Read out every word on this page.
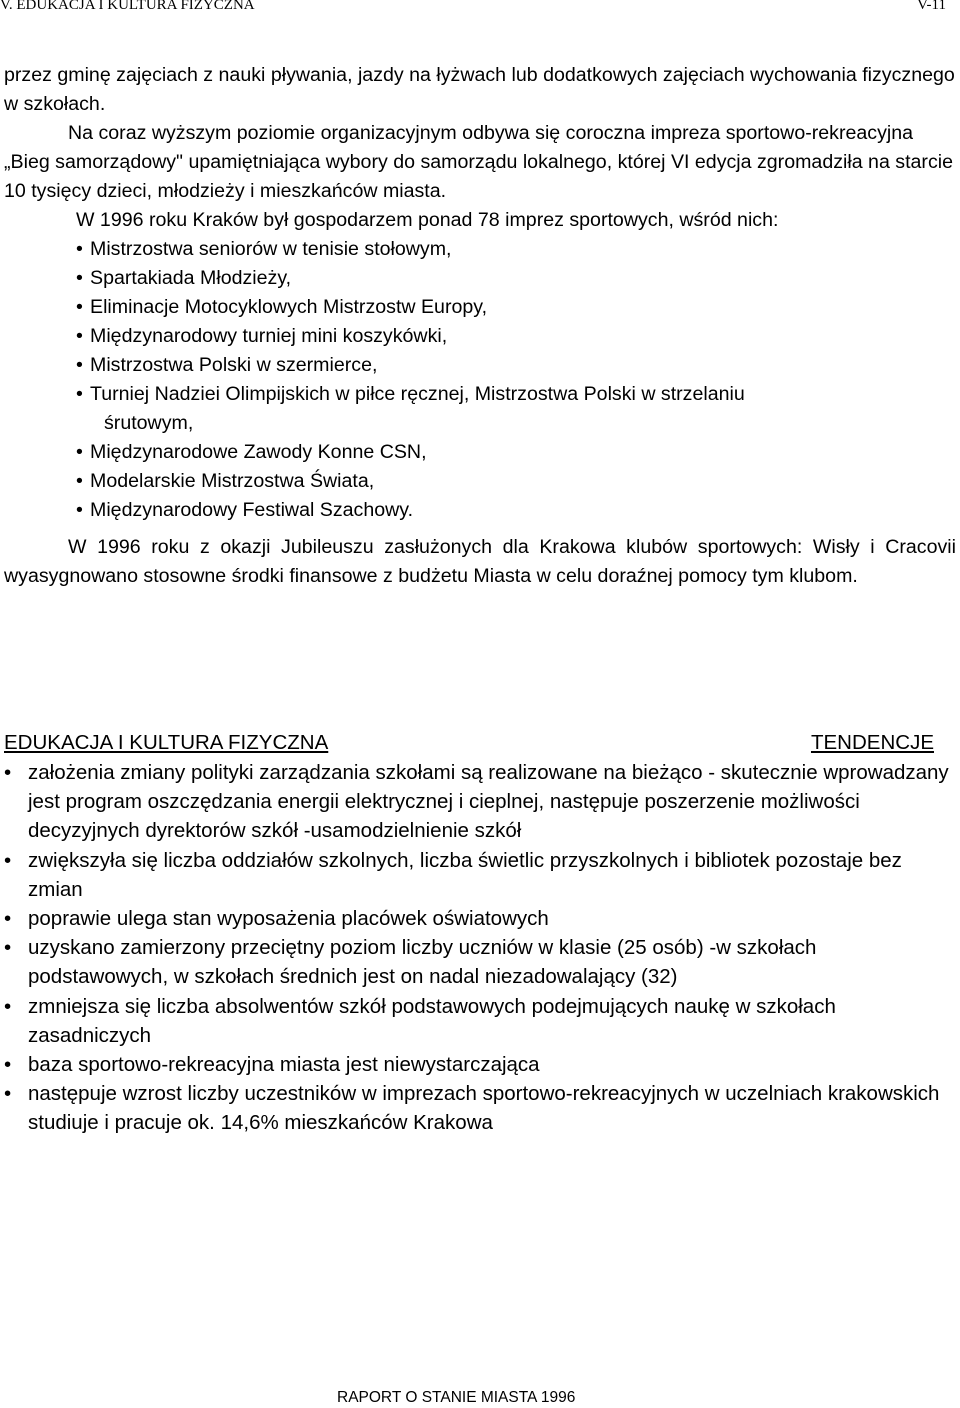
V. EDUKACJA I KULTURA FIZYCZNA	V-11

przez gminę zajęciach z nauki pływania, jazdy na łyżwach lub dodatkowych zajęciach wychowania fizycznego w szkołach.

Na coraz wyższym poziomie organizacyjnym odbywa się coroczna impreza sportowo-rekreacyjna „Bieg samorządowy" upamiętniająca wybory do samorządu lokalnego, której VI edycja zgromadziła na starcie 10 tysięcy dzieci, młodzieży i mieszkańców miasta.

W 1996 roku Kraków był gospodarzem ponad 78 imprez sportowych, wśród nich:

• Mistrzostwa seniorów w tenisie stołowym,
• Spartakiada Młodzieży,
• Eliminacje Motocyklowych Mistrzostw Europy,
• Międzynarodowy turniej mini koszykówki,
• Mistrzostwa Polski w szermierce,
• Turniej Nadziei Olimpijskich w piłce ręcznej, Mistrzostwa Polski w strzelaniu
śrutowym,
• Międzynarodowe Zawody Konne CSN,
• Modelarskie Mistrzostwa Świata,
• Międzynarodowy Festiwal Szachowy.

W 1996 roku z okazji Jubileuszu zasłużonych dla Krakowa klubów sportowych: Wisły i Cracovii wyasygnowano stosowne środki finansowe z budżetu Miasta w celu doraźnej pomocy tym klubom.

EDUKACJA I KULTURA FIZYCZNA	TENDENCJE
• założenia zmiany polityki zarządzania szkołami są realizowane na bieżąco - skutecznie wprowadzany jest program oszczędzania energii elektrycznej i cieplnej, następuje poszerzenie możliwości decyzyjnych dyrektorów szkół -usamodzielnienie szkół
• zwiększyła się liczba oddziałów szkolnych, liczba świetlic przyszkolnych i bibliotek pozostaje bez zmian
• poprawie ulega stan wyposażenia placówek oświatowych
• uzyskano zamierzony przeciętny poziom liczby uczniów w klasie (25 osób) -w szkołach podstawowych, w szkołach średnich jest on nadal niezadowalający (32)
• zmniejsza się liczba absolwentów szkół podstawowych podejmujących naukę w szkołach zasadniczych
• baza sportowo-rekreacyjna miasta jest niewystarczająca
• następuje wzrost liczby uczestników w imprezach sportowo-rekreacyjnych w uczelniach krakowskich studiuje i pracuje ok. 14,6% mieszkańców Krakowa
RAPORT O STANIE MIASTA 1996
